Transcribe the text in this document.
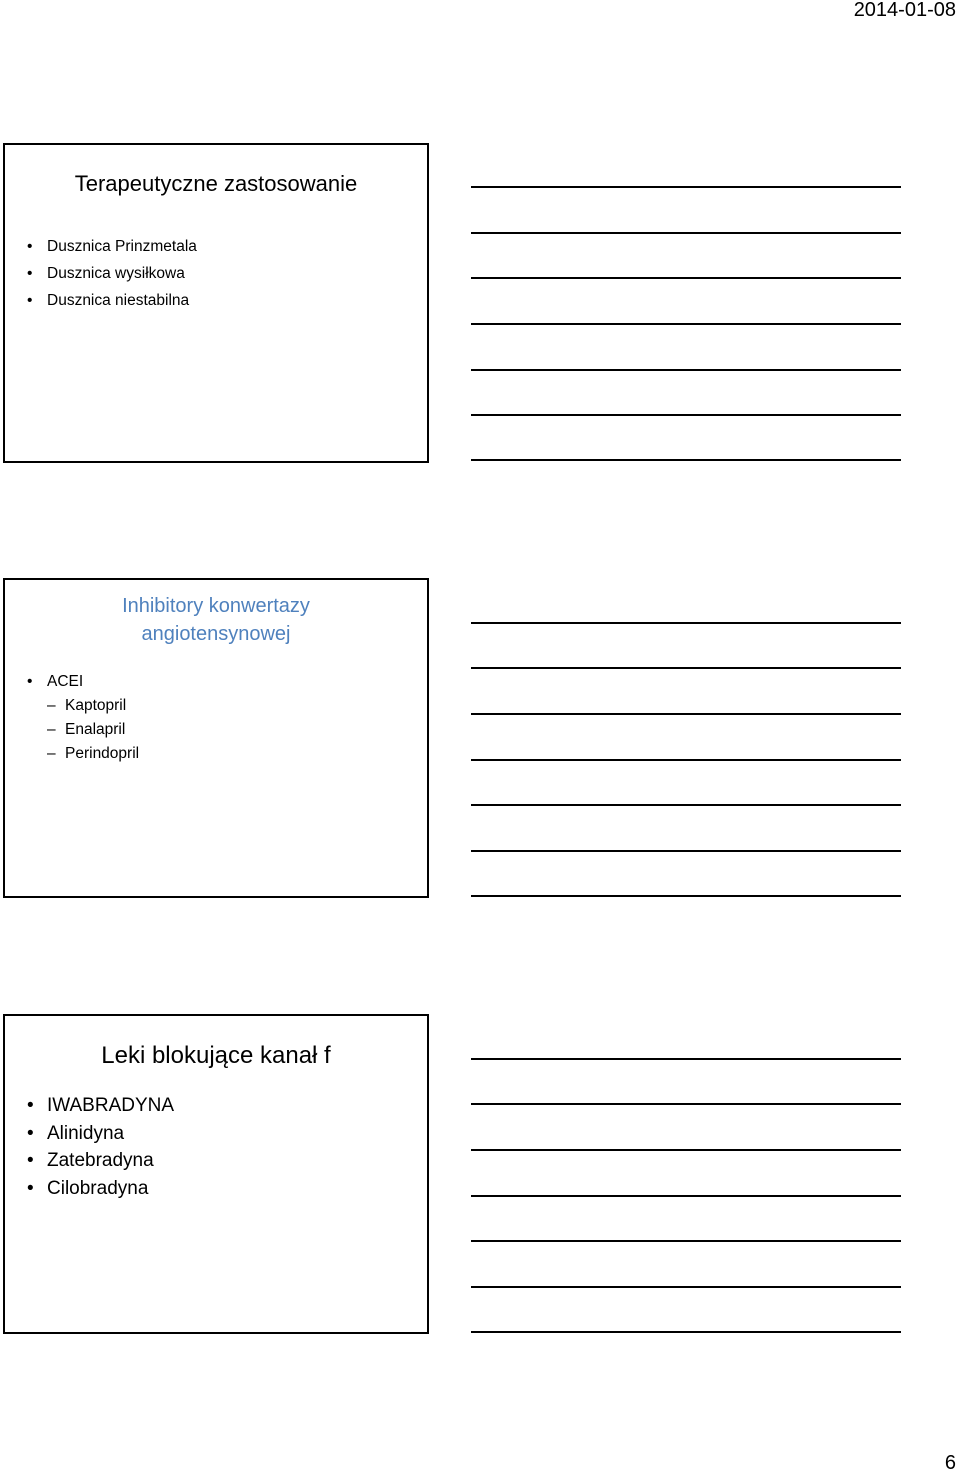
2014-01-08
Terapeutyczne zastosowanie
• Dusznica Prinzmetala
• Dusznica wysiłkowa
• Dusznica niestabilna
Inhibitory konwertazy
angiotensynowej
• ACEI
– Kaptopril
– Enalapril
– Perindopril
Leki blokujące kanał f
• IWABRADYNA
• Alinidyna
• Zatebradyna
• Cilobradyna
6
